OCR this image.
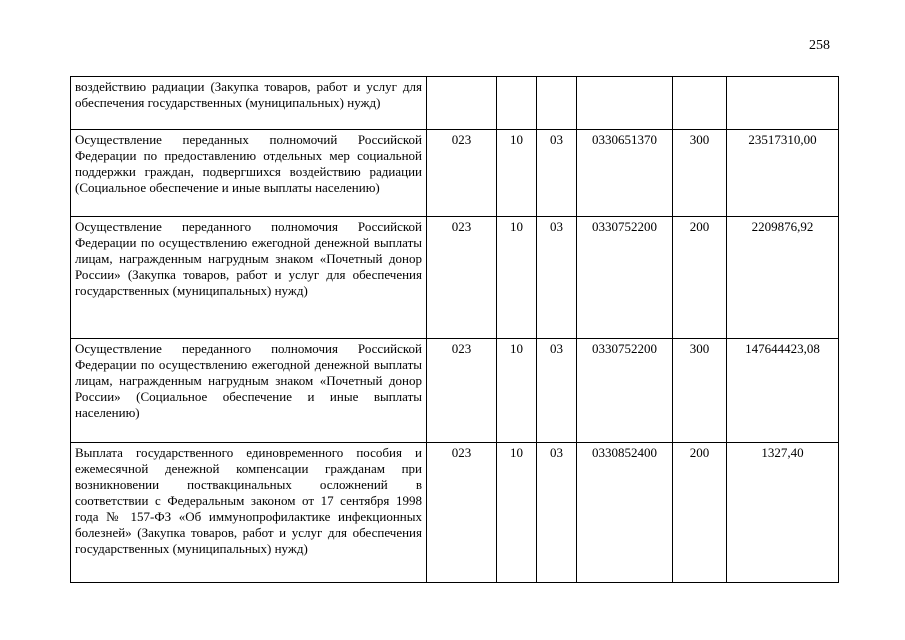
258
воздействию радиации (Закупка товаров, работ и услуг для обеспечения государственных (муниципальных) нужд)						
Осуществление переданных полномочий Российской Федерации по предоставлению отдельных мер социальной поддержки граждан, подвергшихся воздействию радиации (Социальное обеспечение и иные выплаты населению)	023	10	03	0330651370	300	23517310,00
Осуществление переданного полномочия Российской Федерации по осуществлению ежегодной денежной выплаты лицам, награжденным нагрудным знаком «Почетный донор России» (Закупка товаров, работ и услуг для обеспечения государственных (муниципальных) нужд)	023	10	03	0330752200	200	2209876,92
Осуществление переданного полномочия Российской Федерации по осуществлению ежегодной денежной выплаты лицам, награжденным нагрудным знаком «Почетный донор России» (Социальное обеспечение и иные выплаты населению)	023	10	03	0330752200	300	147644423,08
Выплата государственного единовременного пособия и ежемесячной денежной компенсации гражданам при возникновении поствакцинальных осложнений в соответствии с Федеральным законом от 17 сентября 1998 года № 157-ФЗ «Об иммунопрофилактике инфекционных болезней» (Закупка товаров, работ и услуг для обеспечения государственных (муниципальных) нужд)	023	10	03	0330852400	200	1327,40
